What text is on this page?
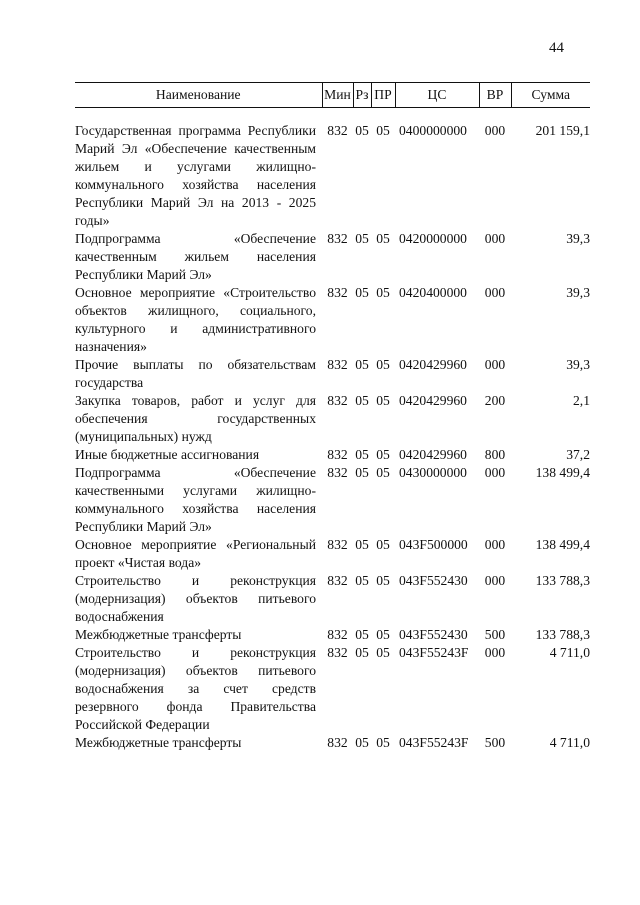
44
Наименование	Мин	Рз	ПР	ЦС	ВР	Сумма

Государственная программа Республики Марий Эл «Обеспечение качественным жильем и услугами жилищно-коммунального хозяйства населения Республики Марий Эл на 2013 - 2025 годы»	832	05	05	0400000000	000	201 159,1
Подпрограмма «Обеспечение качественным жильем населения Республики Марий Эл»	832	05	05	0420000000	000	39,3
Основное мероприятие «Строительство объектов жилищного, социального, культурного и административного назначения»	832	05	05	0420400000	000	39,3
Прочие выплаты по обязательствам государства	832	05	05	0420429960	000	39,3
Закупка товаров, работ и услуг для обеспечения государственных (муниципальных) нужд	832	05	05	0420429960	200	2,1
Иные бюджетные ассигнования	832	05	05	0420429960	800	37,2
Подпрограмма «Обеспечение качественными услугами жилищно-коммунального хозяйства населения Республики Марий Эл»	832	05	05	0430000000	000	138 499,4
Основное мероприятие «Региональный проект «Чистая вода»	832	05	05	043F500000	000	138 499,4
Строительство и реконструкция (модернизация) объектов питьевого водоснабжения	832	05	05	043F552430	000	133 788,3
Межбюджетные трансферты	832	05	05	043F552430	500	133 788,3
Строительство и реконструкция (модернизация) объектов питьевого водоснабжения за счет средств резервного фонда Правительства Российской Федерации	832	05	05	043F55243F	000	4 711,0
Межбюджетные трансферты	832	05	05	043F55243F	500	4 711,0
